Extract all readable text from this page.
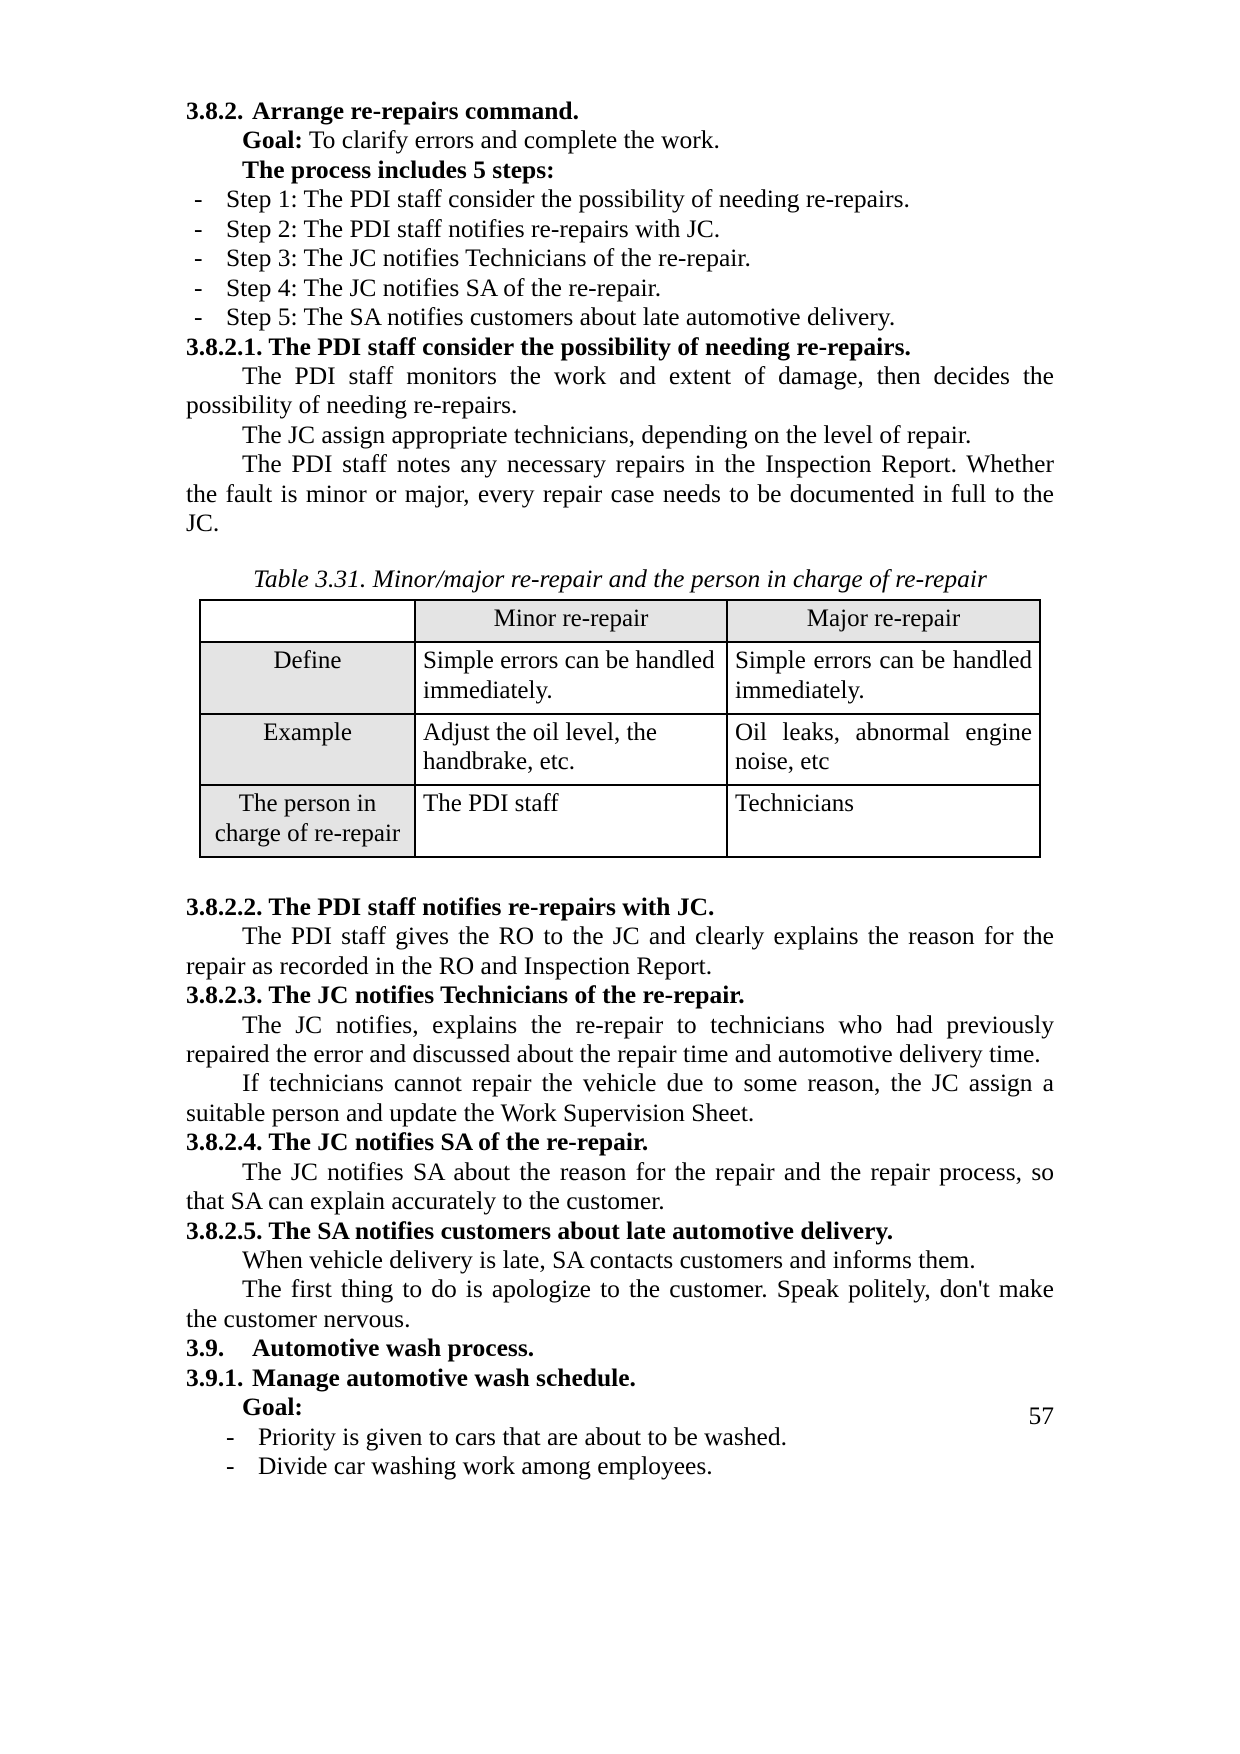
3.8.2. Arrange re-repairs command.

Goal: To clarify errors and complete the work.

The process includes 5 steps:

- Step 1: The PDI staff consider the possibility of needing re-repairs.
- Step 2: The PDI staff notifies re-repairs with JC.
- Step 3: The JC notifies Technicians of the re-repair.
- Step 4: The JC notifies SA of the re-repair.
- Step 5: The SA notifies customers about late automotive delivery.

3.8.2.1. The PDI staff consider the possibility of needing re-repairs.

The PDI staff monitors the work and extent of damage, then decides the possibility of needing re-repairs.

The JC assign appropriate technicians, depending on the level of repair.

The PDI staff notes any necessary repairs in the Inspection Report. Whether the fault is minor or major, every repair case needs to be documented in full to the JC.

Table 3.31. Minor/major re-repair and the person in charge of re-repair

	Minor re-repair	Major re-repair
Define	Simple errors can be handled immediately.	Simple errors can be handled immediately.
Example	Adjust the oil level, the handbrake, etc.	Oil leaks, abnormal engine noise, etc
The person in charge of re-repair	The PDI staff	Technicians

3.8.2.2. The PDI staff notifies re-repairs with JC.

The PDI staff gives the RO to the JC and clearly explains the reason for the repair as recorded in the RO and Inspection Report.

3.8.2.3. The JC notifies Technicians of the re-repair.

The JC notifies, explains the re-repair to technicians who had previously repaired the error and discussed about the repair time and automotive delivery time.

If technicians cannot repair the vehicle due to some reason, the JC assign a suitable person and update the Work Supervision Sheet.

3.8.2.4. The JC notifies SA of the re-repair.

The JC notifies SA about the reason for the repair and the repair process, so that SA can explain accurately to the customer.

3.8.2.5. The SA notifies customers about late automotive delivery.

When vehicle delivery is late, SA contacts customers and informs them.

The first thing to do is apologize to the customer. Speak politely, don't make the customer nervous.

3.9. Automotive wash process.

3.9.1. Manage automotive wash schedule.

Goal:

- Priority is given to cars that are about to be washed.
- Divide car washing work among employees.
57
